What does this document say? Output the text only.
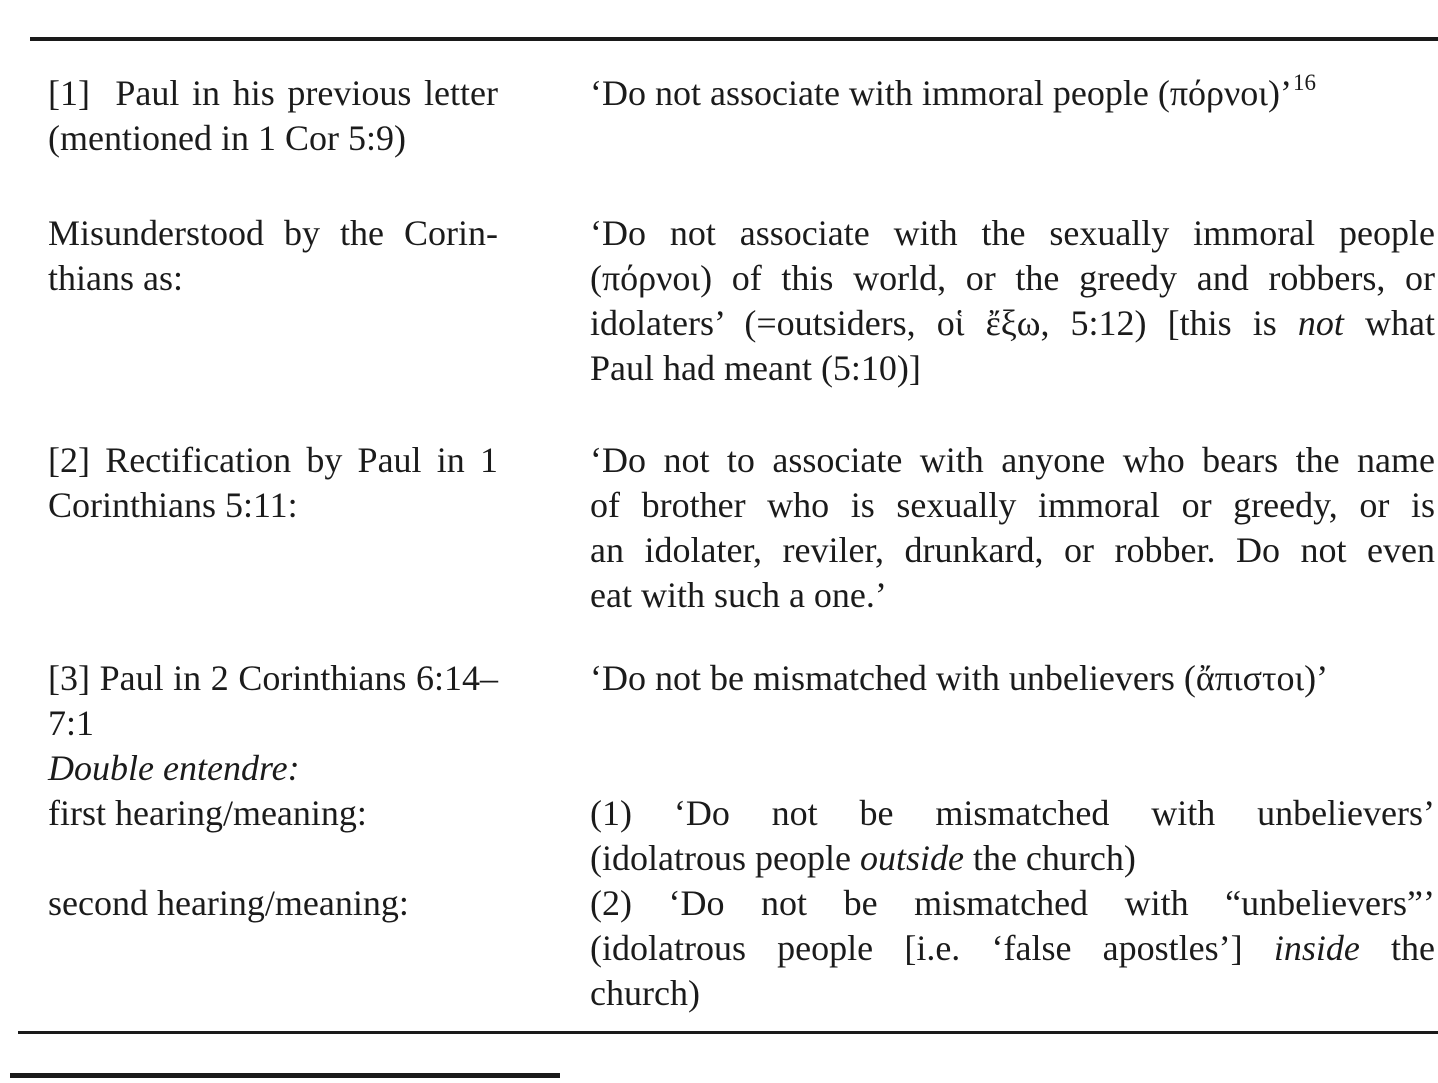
[1]  Paul in his previous letter
(mentioned in 1 Cor 5:9)
‘Do not associate with immoral people (πόρνοι)’$^{16}$
Misunderstood by the Corin-
thians as:
‘Do not associate with the sexually immoral people
(πόρνοι) of this world, or the greedy and robbers, or
idolaters’ (=outsiders, οἱ ἔξω, 5:12) [this is not what
Paul had meant (5:10)]
[2] Rectification by Paul in 1
Corinthians 5:11:
‘Do not to associate with anyone who bears the name
of brother who is sexually immoral or greedy, or is
an idolater, reviler, drunkard, or robber. Do not even
eat with such a one.’
[3] Paul in 2 Corinthians 6:14–
7:1
‘Do not be mismatched with unbelievers (ἄπιστοι)’
Double entendre:
first hearing/meaning:	(1) ‘Do not be mismatched with unbelievers’
(idolatrous people outside the church)
second hearing/meaning:	(2) ‘Do not be mismatched with “unbelievers”’
(idolatrous people [i.e. ‘false apostles’] inside the
church)
